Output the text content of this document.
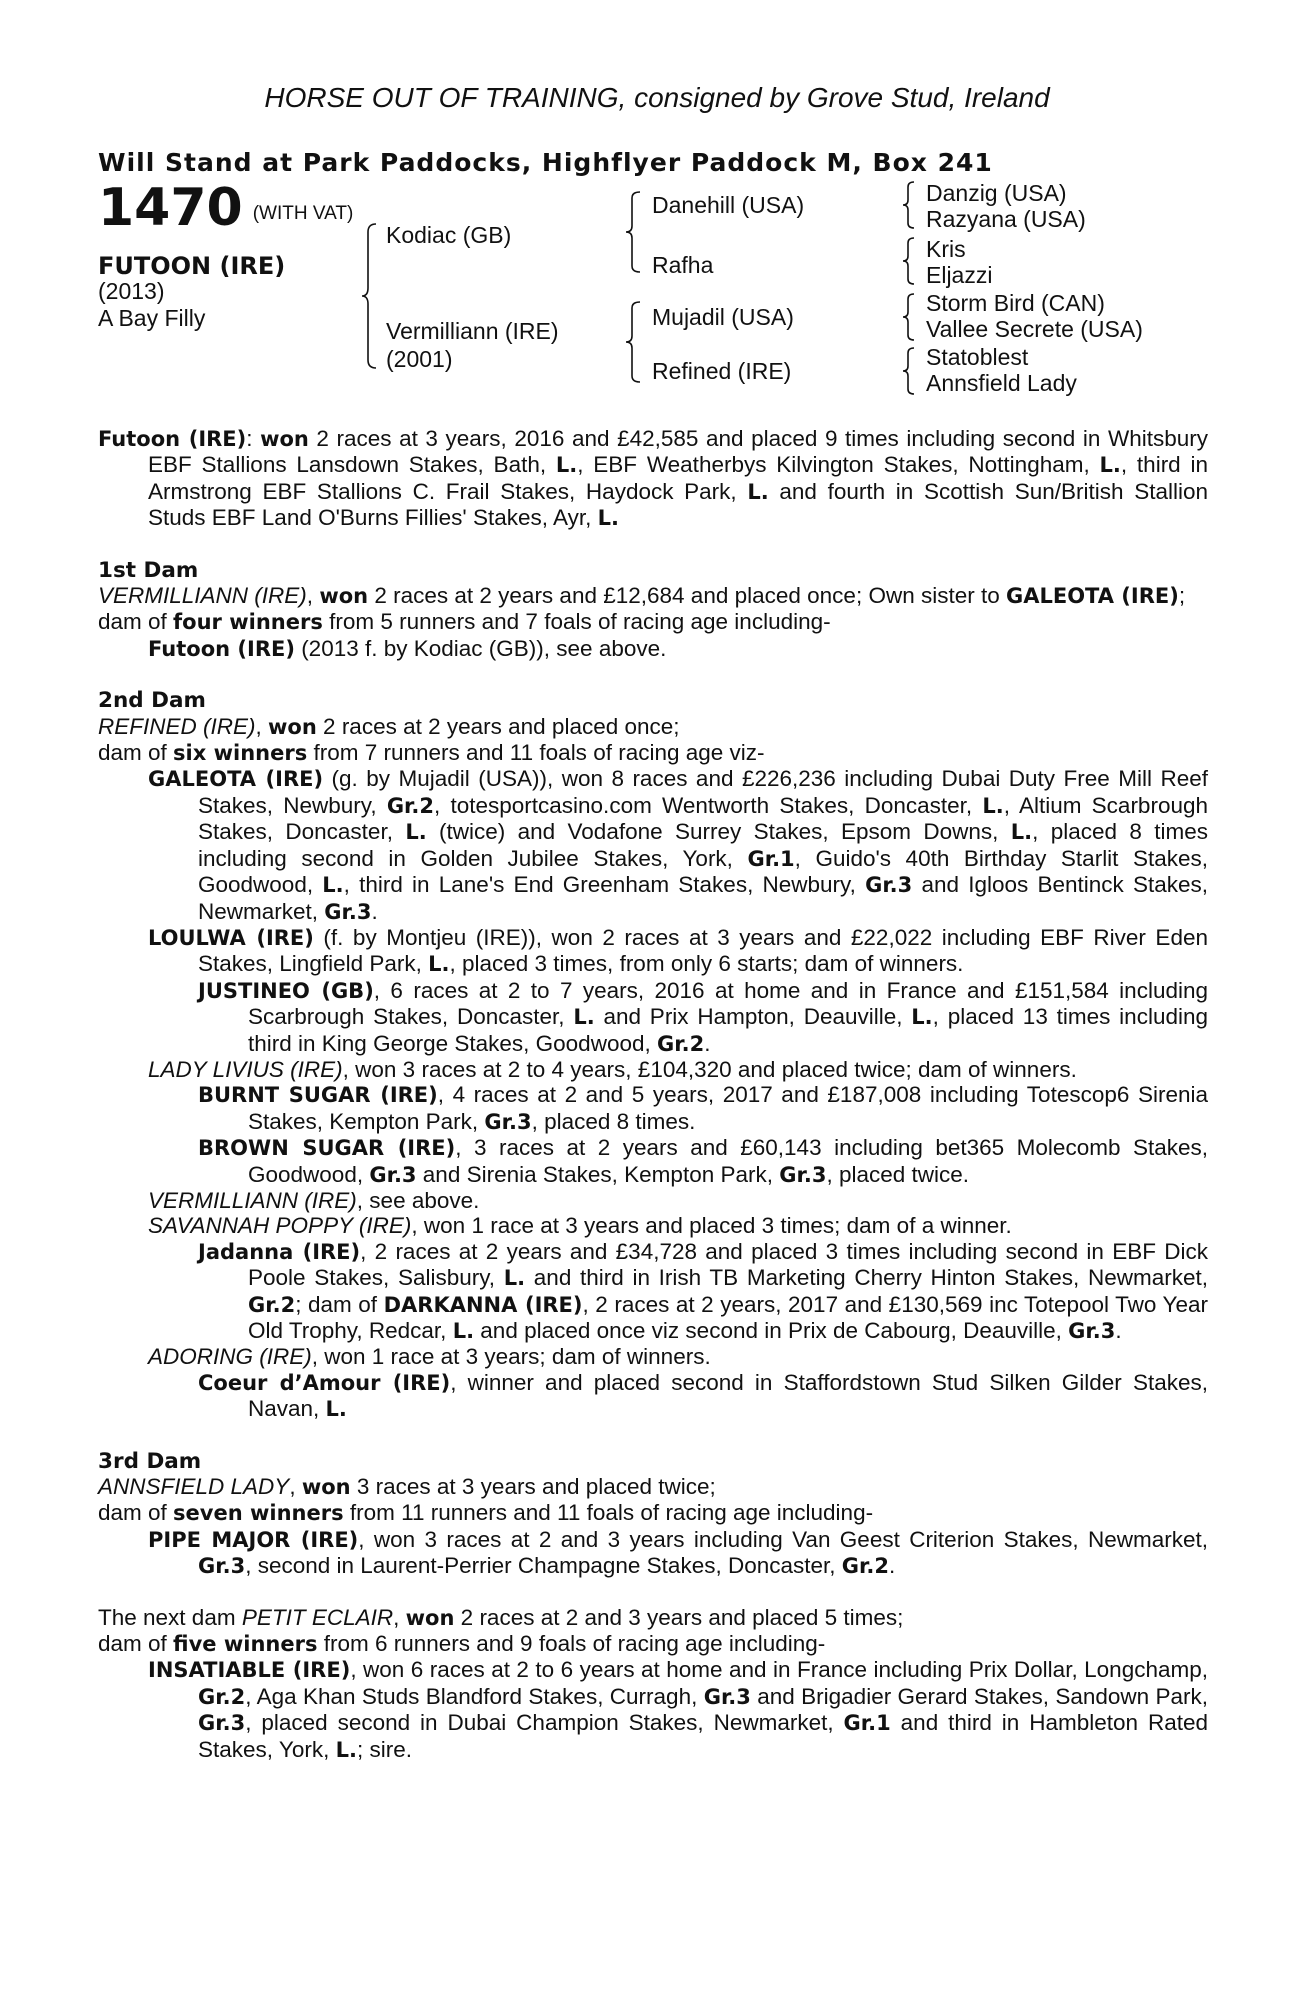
HORSE OUT OF TRAINING, consigned by Grove Stud, Ireland
Will Stand at Park Paddocks, Highflyer Paddock M, Box 241
1470 (WITH VAT)
FUTOON (IRE)
(2013)
A Bay Filly
Kodiac (GB)
Vermilliann (IRE)
(2001)
Danehill (USA)
Rafha
Mujadil (USA)
Refined (IRE)
Danzig (USA)
Razyana (USA)
Kris
Eljazzi
Storm Bird (CAN)
Vallee Secrete (USA)
Statoblest
Annsfield Lady

Futoon (IRE): won 2 races at 3 years, 2016 and £42,585 and placed 9 times including second in Whitsbury EBF Stallions Lansdown Stakes, Bath, L., EBF Weatherbys Kilvington Stakes, Nottingham, L., third in Armstrong EBF Stallions C. Frail Stakes, Haydock Park, L. and fourth in Scottish Sun/British Stallion Studs EBF Land O'Burns Fillies' Stakes, Ayr, L.

1st Dam

VERMILLIANN (IRE), won 2 races at 2 years and £12,684 and placed once; Own sister to GALEOTA (IRE);

dam of four winners from 5 runners and 7 foals of racing age including-

Futoon (IRE) (2013 f. by Kodiac (GB)), see above.

2nd Dam

REFINED (IRE), won 2 races at 2 years and placed once;

dam of six winners from 7 runners and 11 foals of racing age viz-

GALEOTA (IRE) (g. by Mujadil (USA)), won 8 races and £226,236 including Dubai Duty Free Mill Reef Stakes, Newbury, Gr.2, totesportcasino.com Wentworth Stakes, Doncaster, L., Altium Scarbrough Stakes, Doncaster, L. (twice) and Vodafone Surrey Stakes, Epsom Downs, L., placed 8 times including second in Golden Jubilee Stakes, York, Gr.1, Guido's 40th Birthday Starlit Stakes, Goodwood, L., third in Lane's End Greenham Stakes, Newbury, Gr.3 and Igloos Bentinck Stakes, Newmarket, Gr.3.

LOULWA (IRE) (f. by Montjeu (IRE)), won 2 races at 3 years and £22,022 including EBF River Eden Stakes, Lingfield Park, L., placed 3 times, from only 6 starts; dam of winners.

JUSTINEO (GB), 6 races at 2 to 7 years, 2016 at home and in France and £151,584 including Scarbrough Stakes, Doncaster, L. and Prix Hampton, Deauville, L., placed 13 times including third in King George Stakes, Goodwood, Gr.2.

LADY LIVIUS (IRE), won 3 races at 2 to 4 years, £104,320 and placed twice; dam of winners.

BURNT SUGAR (IRE), 4 races at 2 and 5 years, 2017 and £187,008 including Totescop6 Sirenia Stakes, Kempton Park, Gr.3, placed 8 times.

BROWN SUGAR (IRE), 3 races at 2 years and £60,143 including bet365 Molecomb Stakes, Goodwood, Gr.3 and Sirenia Stakes, Kempton Park, Gr.3, placed twice.

VERMILLIANN (IRE), see above.

SAVANNAH POPPY (IRE), won 1 race at 3 years and placed 3 times; dam of a winner.

Jadanna (IRE), 2 races at 2 years and £34,728 and placed 3 times including second in EBF Dick Poole Stakes, Salisbury, L. and third in Irish TB Marketing Cherry Hinton Stakes, Newmarket, Gr.2; dam of DARKANNA (IRE), 2 races at 2 years, 2017 and £130,569 inc Totepool Two Year Old Trophy, Redcar, L. and placed once viz second in Prix de Cabourg, Deauville, Gr.3.

ADORING (IRE), won 1 race at 3 years; dam of winners.

Coeur d’Amour (IRE), winner and placed second in Staffordstown Stud Silken Gilder Stakes, Navan, L.

3rd Dam

ANNSFIELD LADY, won 3 races at 3 years and placed twice;

dam of seven winners from 11 runners and 11 foals of racing age including-

PIPE MAJOR (IRE), won 3 races at 2 and 3 years including Van Geest Criterion Stakes, Newmarket, Gr.3, second in Laurent-Perrier Champagne Stakes, Doncaster, Gr.2.

The next dam PETIT ECLAIR, won 2 races at 2 and 3 years and placed 5 times;

dam of five winners from 6 runners and 9 foals of racing age including-

INSATIABLE (IRE), won 6 races at 2 to 6 years at home and in France including Prix Dollar, Longchamp, Gr.2, Aga Khan Studs Blandford Stakes, Curragh, Gr.3 and Brigadier Gerard Stakes, Sandown Park, Gr.3, placed second in Dubai Champion Stakes, Newmarket, Gr.1 and third in Hambleton Rated Stakes, York, L.; sire.
